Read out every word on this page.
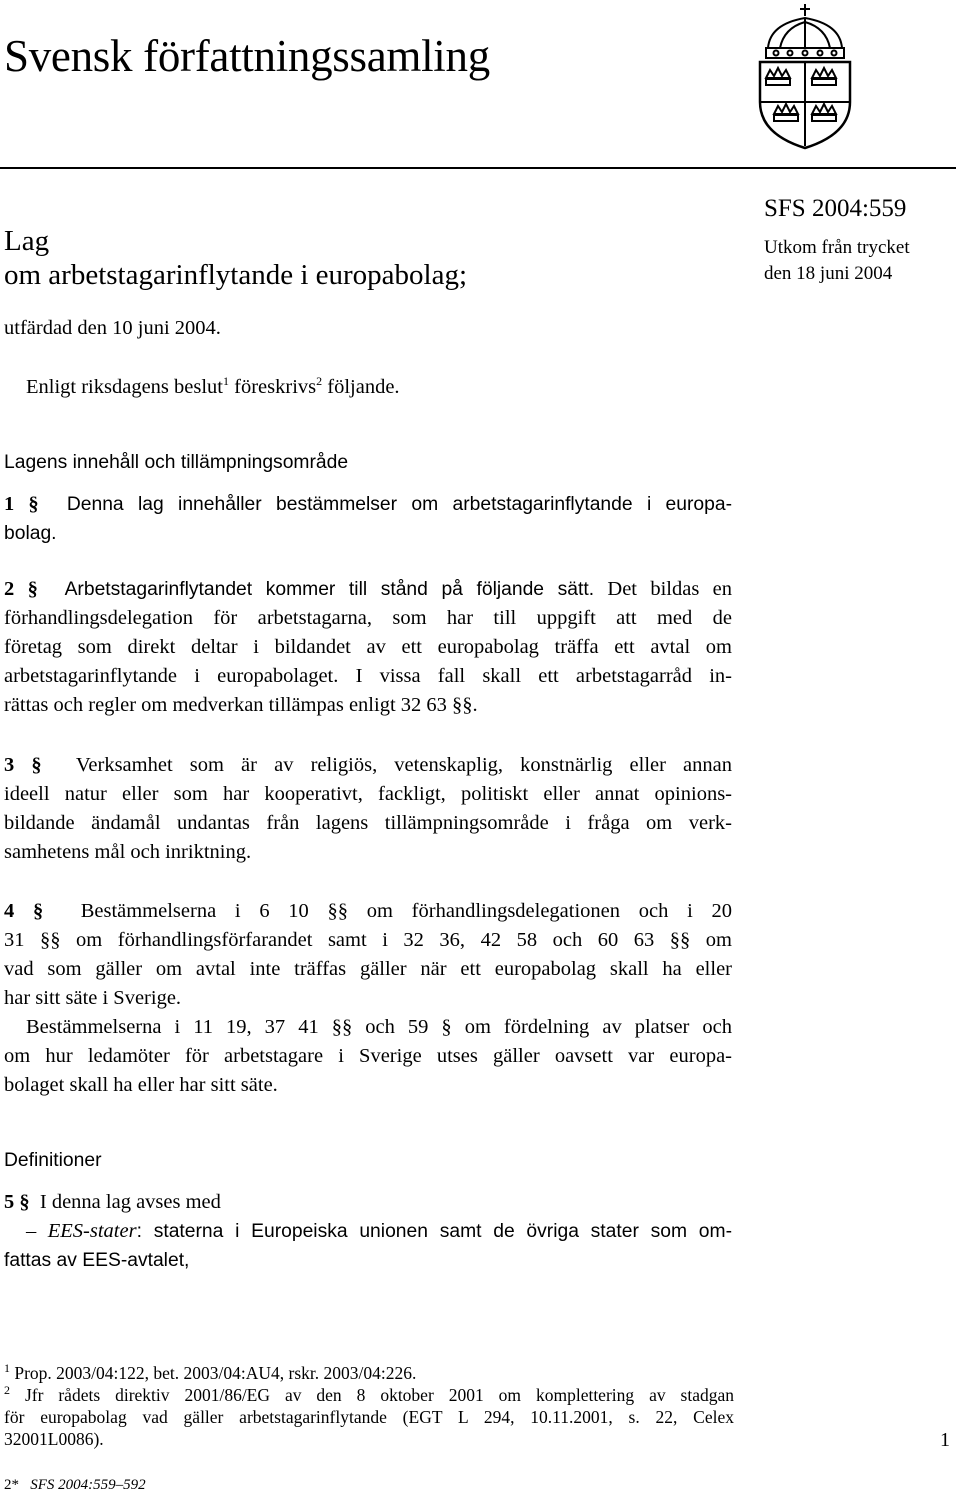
Svensk författningssamling
SFS 2004:559
Utkom från trycket
den 18 juni 2004
Lag
om arbetstagarinflytande i europabolag;
utfärdad den 10 juni 2004.
Enligt riksdagens beslut$^1$ föreskrivs$^2$ följande.
Lagens innehåll och tillämpningsområde
1 § Denna lag innehåller bestämmelser om arbetstagarinflytande i europa-
bolag.
2 § Arbetstagarinflytandet kommer till stånd på följande sätt. Det bildas en
förhandlingsdelegation för arbetstagarna, som har till uppgift att med de
företag som direkt deltar i bildandet av ett europabolag träffa ett avtal om
arbetstagarinflytande i europabolaget. I vissa fall skall ett arbetstagarråd in-
rättas och regler om medverkan tillämpas enligt 32 63 §§.
3 § Verksamhet som är av religiös, vetenskaplig, konstnärlig eller annan
ideell natur eller som har kooperativt, fackligt, politiskt eller annat opinions-
bildande ändamål undantas från lagens tillämpningsområde i fråga om verk-
samhetens mål och inriktning.
4 § Bestämmelserna i 6 10 §§ om förhandlingsdelegationen och i 20
31 §§ om förhandlingsförfarandet samt i 32 36, 42 58 och 60 63 §§ om
vad som gäller om avtal inte träffas gäller när ett europabolag skall ha eller
har sitt säte i Sverige.
Bestämmelserna i 11 19, 37 41 §§ och 59 § om fördelning av platser och
om hur ledamöter för arbetstagare i Sverige utses gäller oavsett var europa-
bolaget skall ha eller har sitt säte.
Definitioner
5 § I denna lag avses med
– EES-stater: staterna i Europeiska unionen samt de övriga stater som om-
fattas av EES-avtalet,
$^1$ Prop. 2003/04:122, bet. 2003/04:AU4, rskr. 2003/04:226.
$^2$ Jfr rådets direktiv 2001/86/EG av den 8 oktober 2001 om komplettering av stadgan
för europabolag vad gäller arbetstagarinflytande (EGT L 294, 10.11.2001, s. 22, Celex
32001L0086).	1
2* SFS 2004:559–592
